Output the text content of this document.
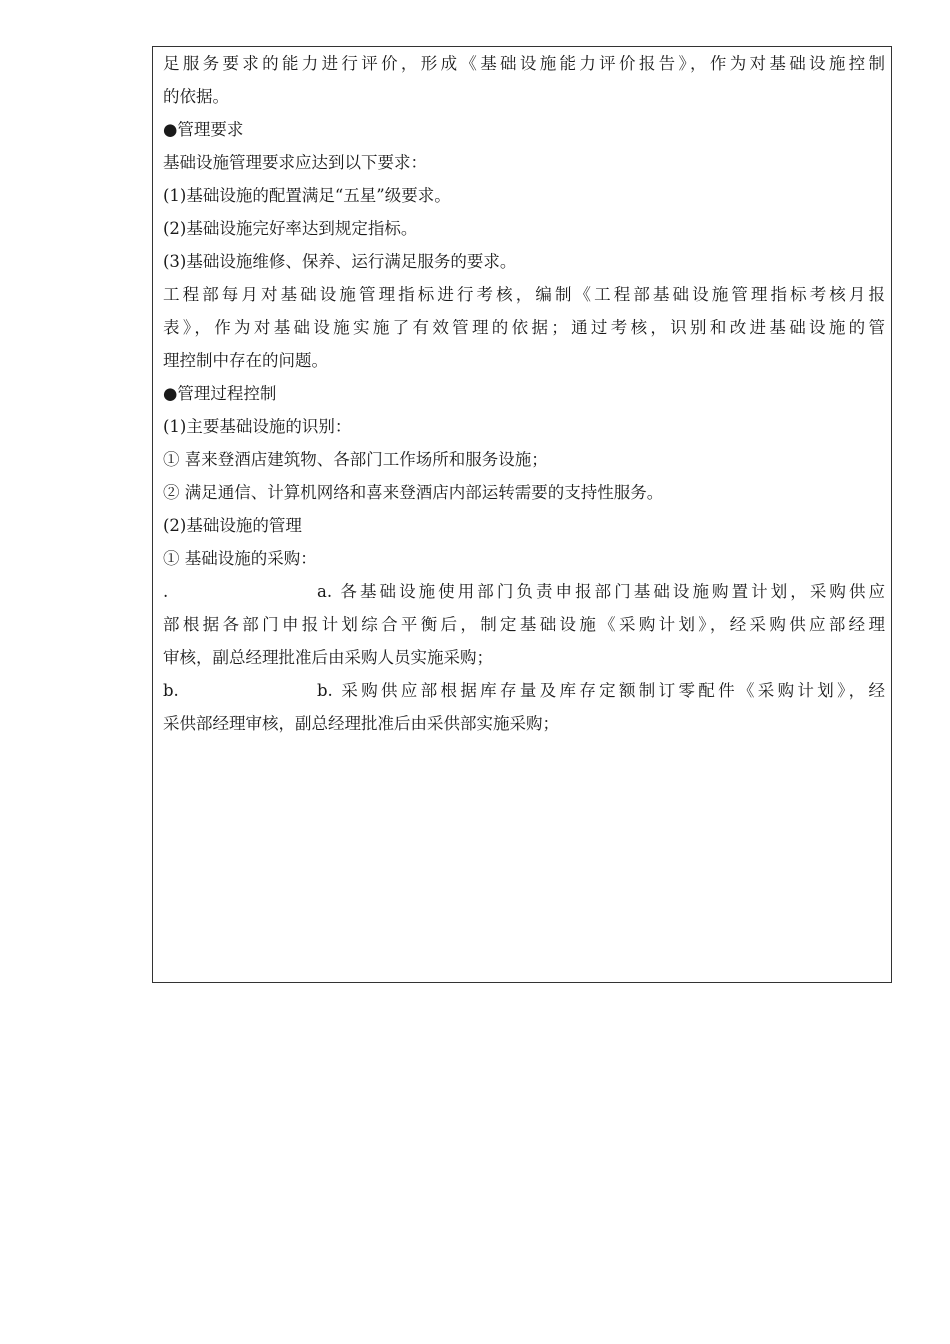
足服务要求的能力进行评价，形成《基础设施能力评价报告》，作为对基础设施控制
的依据。
●管理要求
基础设施管理要求应达到以下要求：
(1)基础设施的配置满足“五星”级要求。
(2)基础设施完好率达到规定指标。
(3)基础设施维修、保养、运行满足服务的要求。
工程部每月对基础设施管理指标进行考核，编制《工程部基础设施管理指标考核月报
表》，作为对基础设施实施了有效管理的依据；通过考核，识别和改进基础设施的管
理控制中存在的问题。
●管理过程控制
(1)主要基础设施的识别：
① 喜来登酒店建筑物、各部门工作场所和服务设施；
② 满足通信、计算机网络和喜来登酒店内部运转需要的支持性服务。
(2)基础设施的管理
① 基础设施的采购：
.	a. 各基础设施使用部门负责申报部门基础设施购置计划，采购供应
部根据各部门申报计划综合平衡后，制定基础设施《采购计划》，经采购供应部经理
审核，副总经理批准后由采购人员实施采购；
b.	b. 采购供应部根据库存量及库存定额制订零配件《采购计划》，经
采供部经理审核，副总经理批准后由采供部实施采购；
